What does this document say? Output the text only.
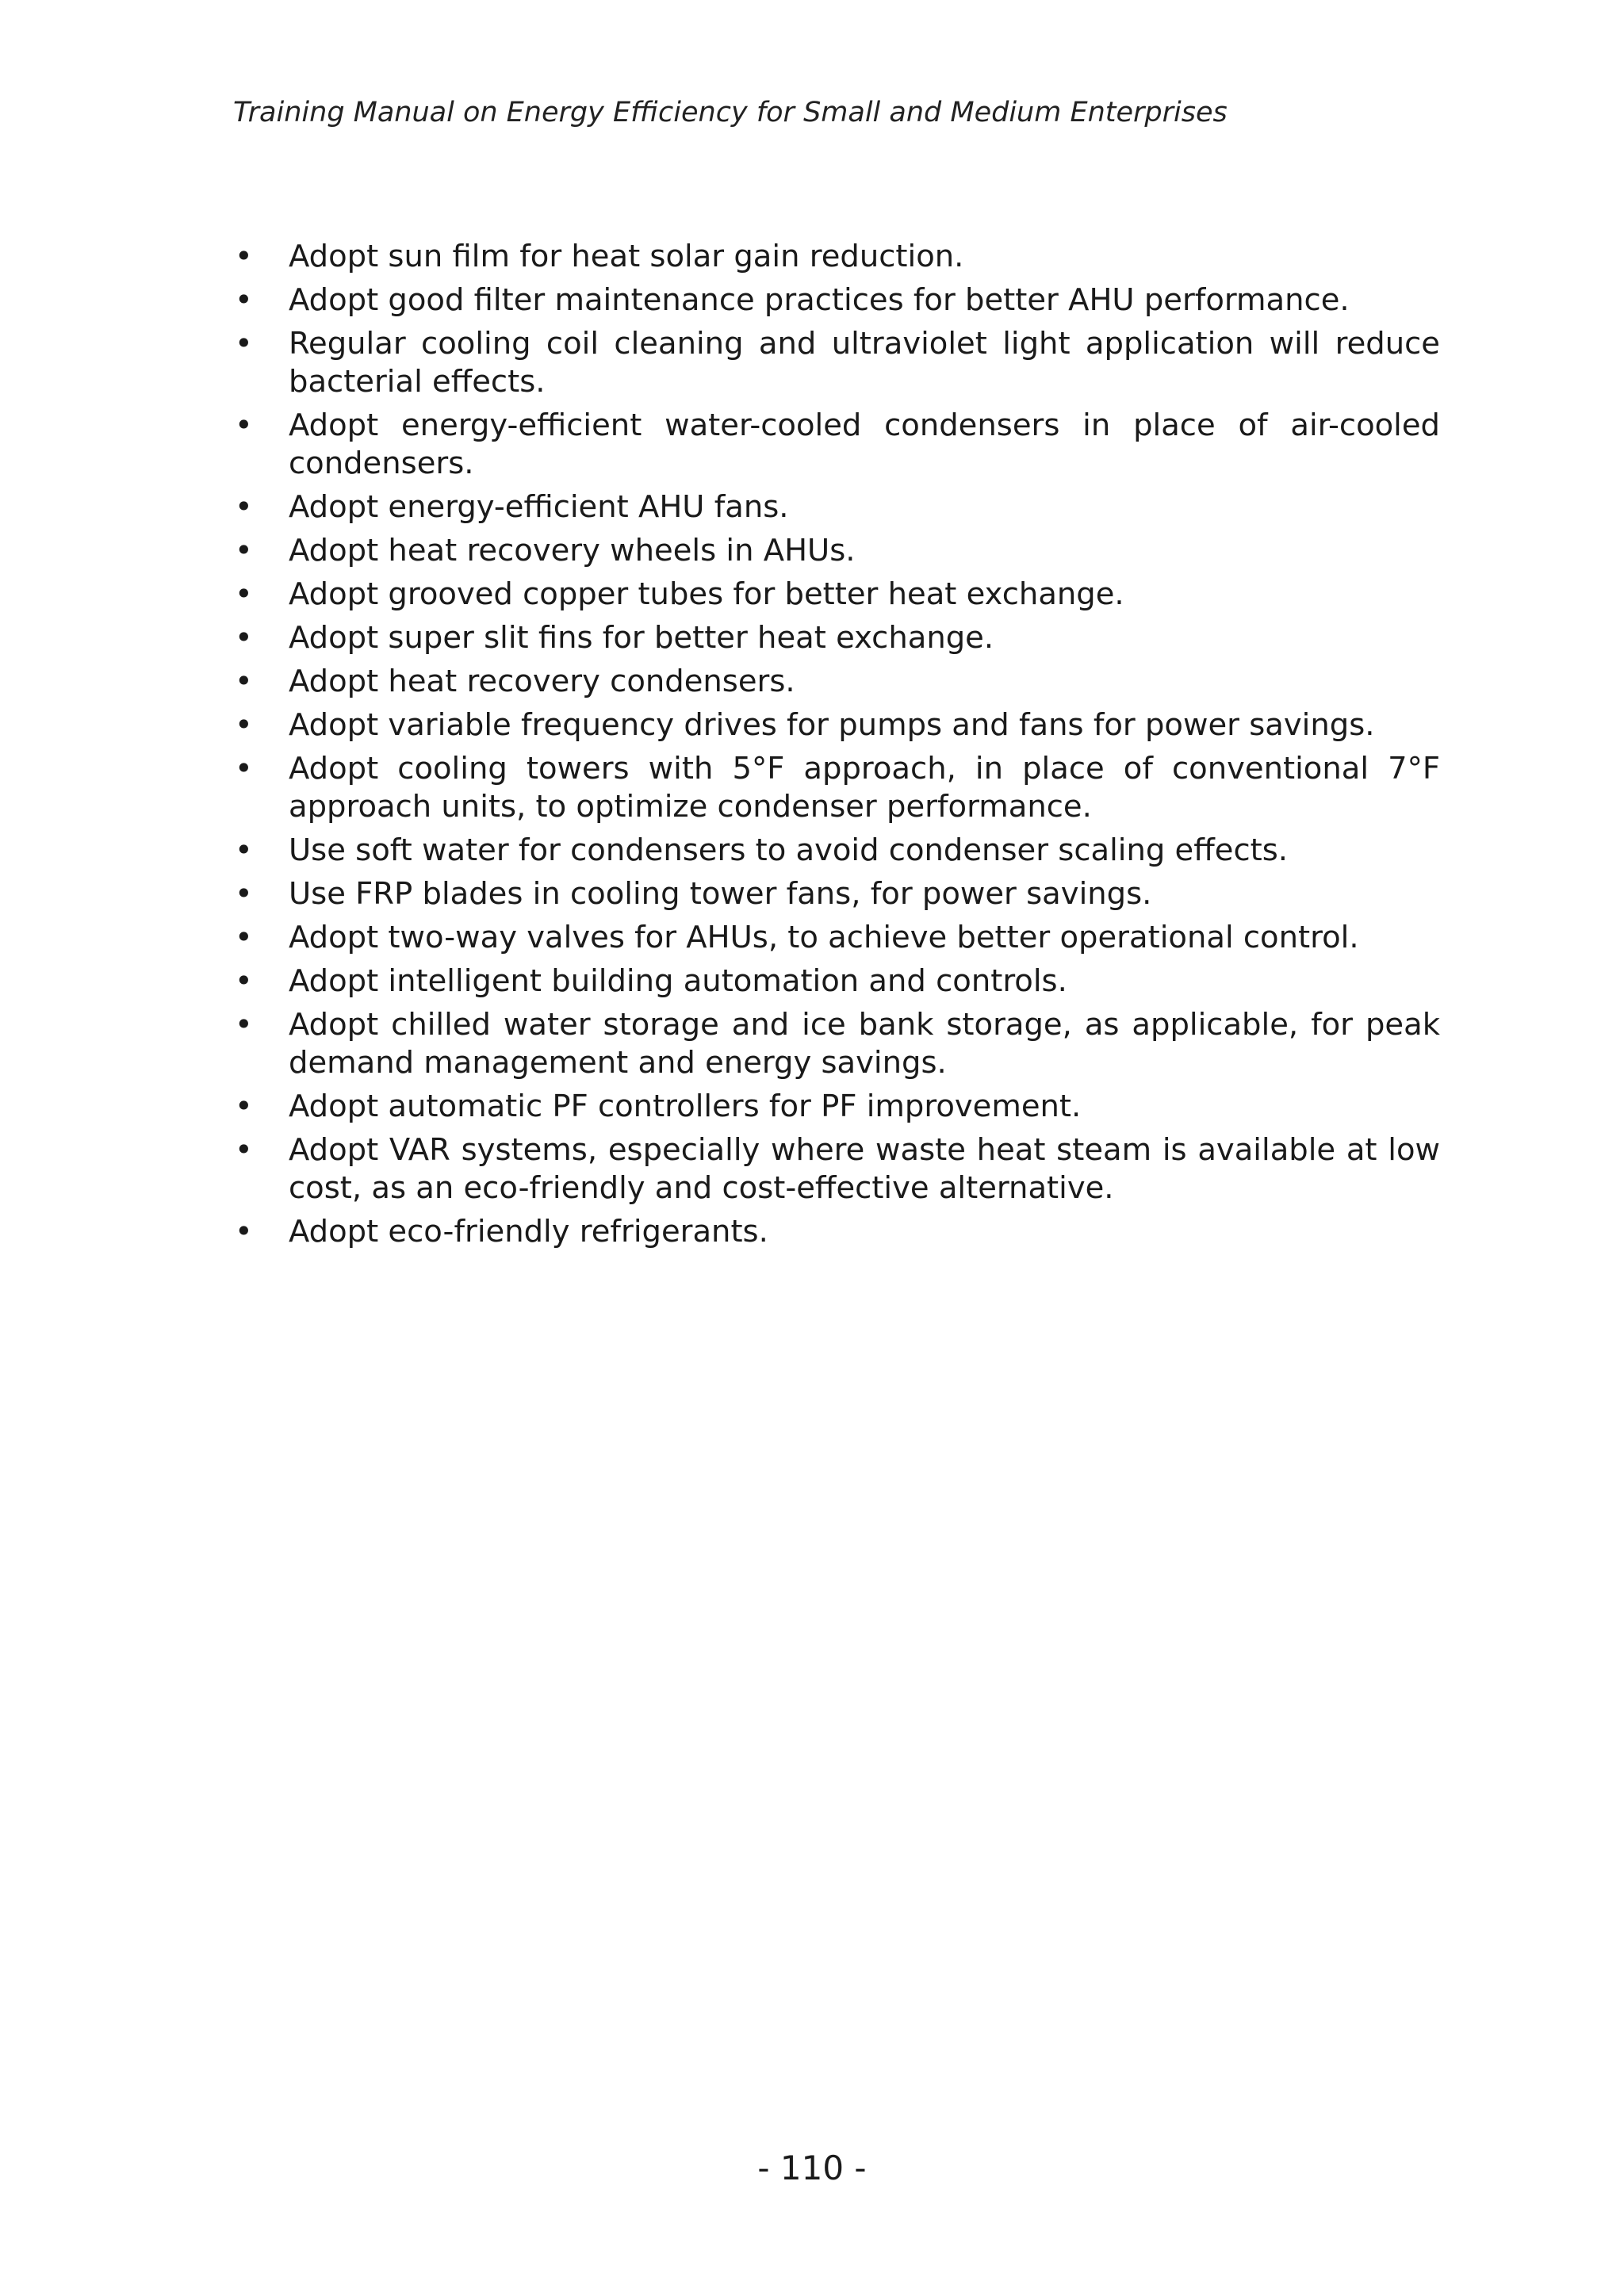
Training Manual on Energy Efficiency for Small and Medium Enterprises
• Adopt sun film for heat solar gain reduction.
• Adopt good filter maintenance practices for better AHU performance.
• Regular cooling coil cleaning and ultraviolet light application will reduce bacterial effects.
• Adopt energy-efficient water-cooled condensers in place of air-cooled condensers.
• Adopt energy-efficient AHU fans.
• Adopt heat recovery wheels in AHUs.
• Adopt grooved copper tubes for better heat exchange.
• Adopt super slit fins for better heat exchange.
• Adopt heat recovery condensers.
• Adopt variable frequency drives for pumps and fans for power savings.
• Adopt cooling towers with 5°F approach, in place of conventional 7°F approach units, to optimize condenser performance.
• Use soft water for condensers to avoid condenser scaling effects.
• Use FRP blades in cooling tower fans, for power savings.
• Adopt two-way valves for AHUs, to achieve better operational control.
• Adopt intelligent building automation and controls.
• Adopt chilled water storage and ice bank storage, as applicable, for peak demand management and energy savings.
• Adopt automatic PF controllers for PF improvement.
• Adopt VAR systems, especially where waste heat steam is available at low cost, as an eco-friendly and cost-effective alternative.
• Adopt eco-friendly refrigerants.
- 110 -
